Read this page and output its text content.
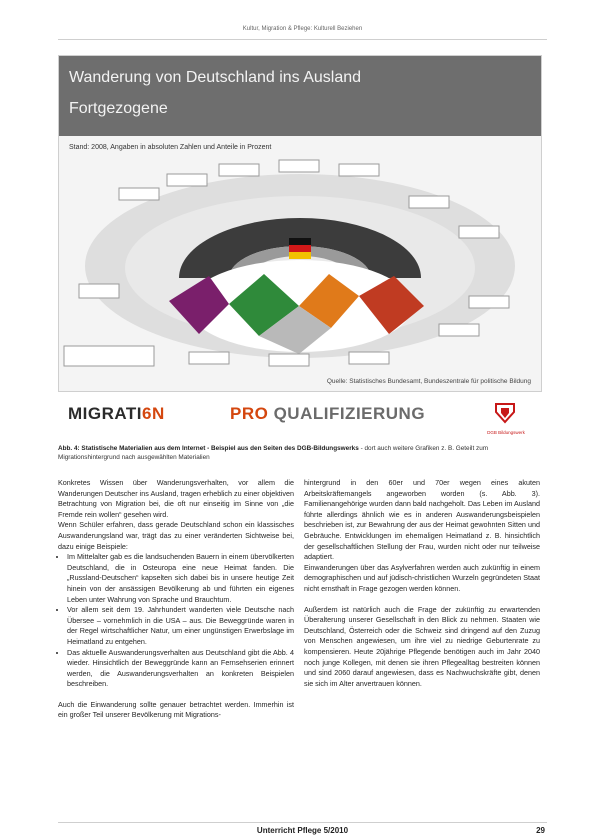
Kultur, Migration & Pflege: Kulturell Beziehen
Wanderung von Deutschland ins Ausland
Fortgezogene
Stand: 2008, Angaben in absoluten Zahlen und Anteile in Prozent
Quelle: Statistisches Bundesamt, Bundeszentrale für politische Bildung
MIGRATI6N	PRO QUALIFIZIERUNG
DGB Bildungswerk
Abb. 4: Statistische Materialien aus dem Internet - Beispiel aus den Seiten des DGB-Bildungswerks - dort auch weitere Grafiken z. B. Geteilt zum Migrationshintergrund nach ausgewählten Materialien

Konkretes Wissen über Wanderungsverhalten, vor allem die Wanderungen Deutscher ins Ausland, tragen erheblich zu einer objektiven Betrachtung von Migration bei, die oft nur einseitig im Sinne von „die Fremde rein wollen“ gesehen wird.

Wenn Schüler erfahren, dass gerade Deutschland schon ein klassisches Auswanderungsland war, trägt das zu einer veränderten Sichtweise bei, dazu einige Beispiele:

• Im Mittelalter gab es die landsuchenden Bauern in einem übervölkerten Deutschland, die in Osteuropa eine neue Heimat fanden. Die „Russland-Deutschen“ kapselten sich dabei bis in unsere heutige Zeit hinein von der ansässigen Bevölkerung ab und führten ein eigenes Leben unter Wahrung von Sprache und Brauchtum.
• Vor allem seit dem 19. Jahrhundert wanderten viele Deutsche nach Übersee – vornehmlich in die USA – aus. Die Beweggründe waren in der Regel wirtschaftlicher Natur, um einer ungünstigen Erwerbslage im Heimatland zu entgehen.
• Das aktuelle Auswanderungsverhalten aus Deutschland gibt die Abb. 4 wieder. Hinsichtlich der Beweggründe kann an Fernsehserien erinnert werden, die Auswanderungsverhalten an konkreten Beispielen beschreiben.

Auch die Einwanderung sollte genauer betrachtet werden. Immerhin ist ein großer Teil unserer Bevölkerung mit Migrations-

hintergrund in den 60er und 70er wegen eines akuten Arbeitskräftemangels angeworben worden (s. Abb. 3). Familienangehörige wurden dann bald nachgeholt. Das Leben im Ausland führte allerdings ähnlich wie es in anderen Auswanderungsbeispielen beschrieben ist, zur Bewahrung der aus der Heimat gewohnten Sitten und Gebräuche. Entwicklungen im ehemaligen Heimatland z. B. hinsichtlich der gesellschaftlichen Stellung der Frau, wurden nicht oder nur teilweise adaptiert.

Einwanderungen über das Asylverfahren werden auch zukünftig in einem demographischen und auf jüdisch-christlichen Wurzeln gegründeten Staat nicht ernsthaft in Frage gezogen werden können.

Außerdem ist natürlich auch die Frage der zukünftig zu erwartenden Überalterung unserer Gesellschaft in den Blick zu nehmen. Staaten wie Deutschland, Österreich oder die Schweiz sind dringend auf den Zuzug von Menschen angewiesen, um ihre viel zu niedrige Geburtenrate zu kompensieren. Heute 20jährige Pflegende benötigen auch im Jahr 2040 noch junge Kollegen, mit denen sie ihren Pflegealltag bestreiten können und sind 2060 darauf angewiesen, dass es Nachwuchskräfte gibt, denen sie sich im Alter anvertrauen können.

Unterricht Pflege 5/2010	29
